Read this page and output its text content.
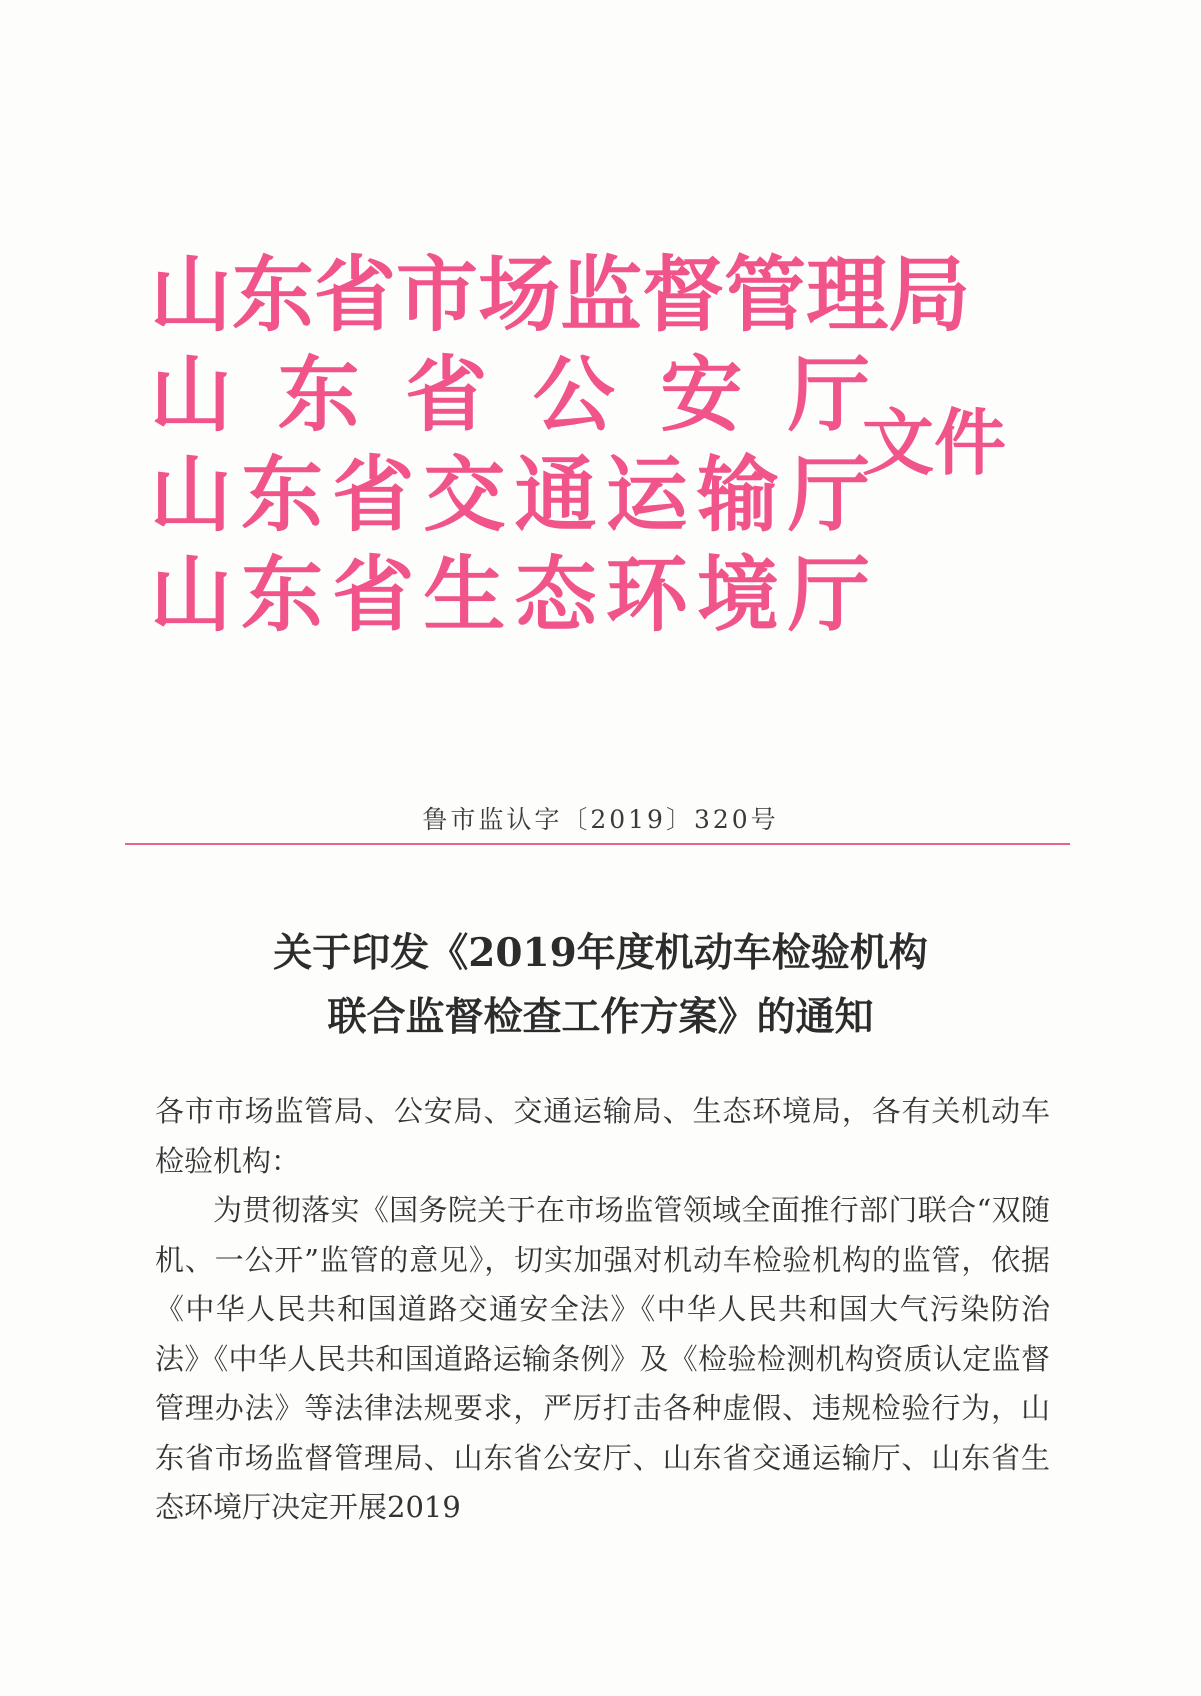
山 东 省 市 场 监 督 管 理 局
山 东 省 公 安 厅
山 东 省 交 通 运 输 厅
山 东 省 生 态 环 境 厅
文件
鲁市监认字〔2019〕320号
关于印发《2019年度机动车检验机构
联合监督检查工作方案》的通知

各市市场监管局、公安局、交通运输局、生态环境局，各有关机动车检验机构：

为贯彻落实《国务院关于在市场监管领域全面推行部门联合“双随机、一公开”监管的意见》，切实加强对机动车检验机构的监管，依据《中华人民共和国道路交通安全法》《中华人民共和国大气污染防治法》《中华人民共和国道路运输条例》及《检验检测机构资质认定监督管理办法》等法律法规要求，严厉打击各种虚假、违规检验行为，山东省市场监督管理局、山东省公安厅、山东省交通运输厅、山东省生态环境厅决定开展2019
